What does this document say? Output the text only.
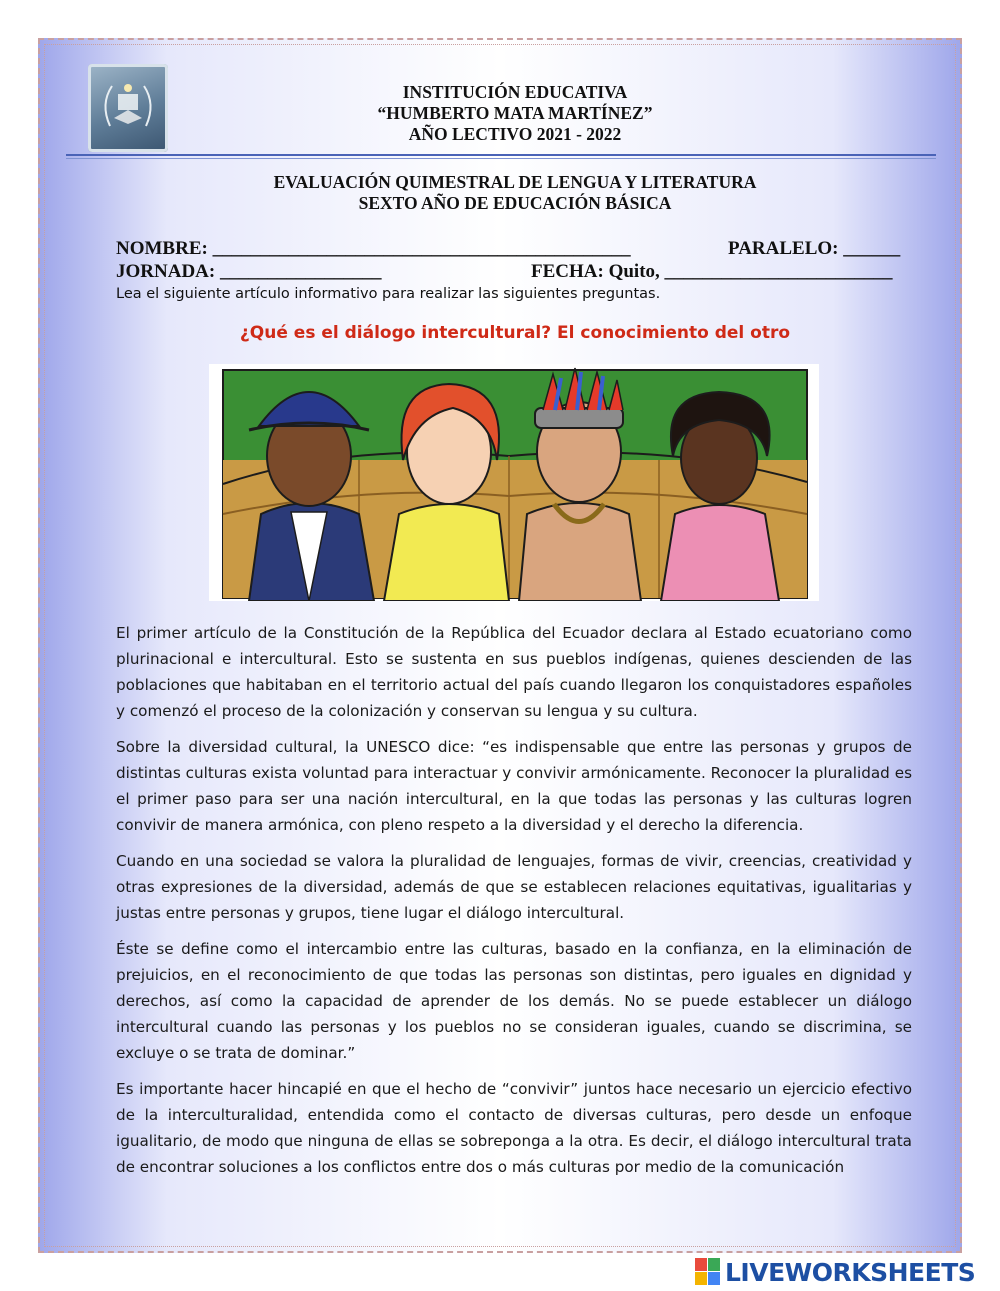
INSTITUCIÓN EDUCATIVA
“HUMBERTO MATA MARTÍNEZ”
AÑO LECTIVO 2021 - 2022
EVALUACIÓN QUIMESTRAL DE LENGUA Y LITERATURA
SEXTO AÑO DE EDUCACIÓN BÁSICA
NOMBRE: ____________________________________________	PARALELO: ______
JORNADA: _________________	FECHA: Quito, ________________________
Lea el siguiente artículo informativo para realizar las siguientes preguntas.
¿Qué es el diálogo intercultural? El conocimiento del otro

El primer artículo de la Constitución de la República del Ecuador declara al Estado ecuatoriano como plurinacional e intercultural. Esto se sustenta en sus pueblos indígenas, quienes descienden de las poblaciones que habitaban en el territorio actual del país cuando llegaron los conquistadores españoles y comenzó el proceso de la colonización y conservan su lengua y su cultura.

Sobre la diversidad cultural, la UNESCO dice: “es indispensable que entre las personas y grupos de distintas culturas exista voluntad para interactuar y convivir armónicamente. Reconocer la pluralidad es el primer paso para ser una nación intercultural, en la que todas las personas y las culturas logren convivir de manera armónica, con pleno respeto a la diversidad y el derecho la diferencia.

Cuando en una sociedad se valora la pluralidad de lenguajes, formas de vivir, creencias, creatividad y otras expresiones de la diversidad, además de que se establecen relaciones equitativas, igualitarias y justas entre personas y grupos, tiene lugar el diálogo intercultural.

Éste se define como el intercambio entre las culturas, basado en la confianza, en la eliminación de prejuicios, en el reconocimiento de que todas las personas son distintas, pero iguales en dignidad y derechos, así como la capacidad de aprender de los demás. No se puede establecer un diálogo intercultural cuando las personas y los pueblos no se consideran iguales, cuando se discrimina, se excluye o se trata de dominar.”

Es importante hacer hincapié en que el hecho de “convivir” juntos hace necesario un ejercicio efectivo de la interculturalidad, entendida como el contacto de diversas culturas, pero desde un enfoque igualitario, de modo que ninguna de ellas se sobreponga a la otra. Es decir, el diálogo intercultural trata de encontrar soluciones a los conflictos entre dos o más culturas por medio de la comunicación

LIVEWORKSHEETS
